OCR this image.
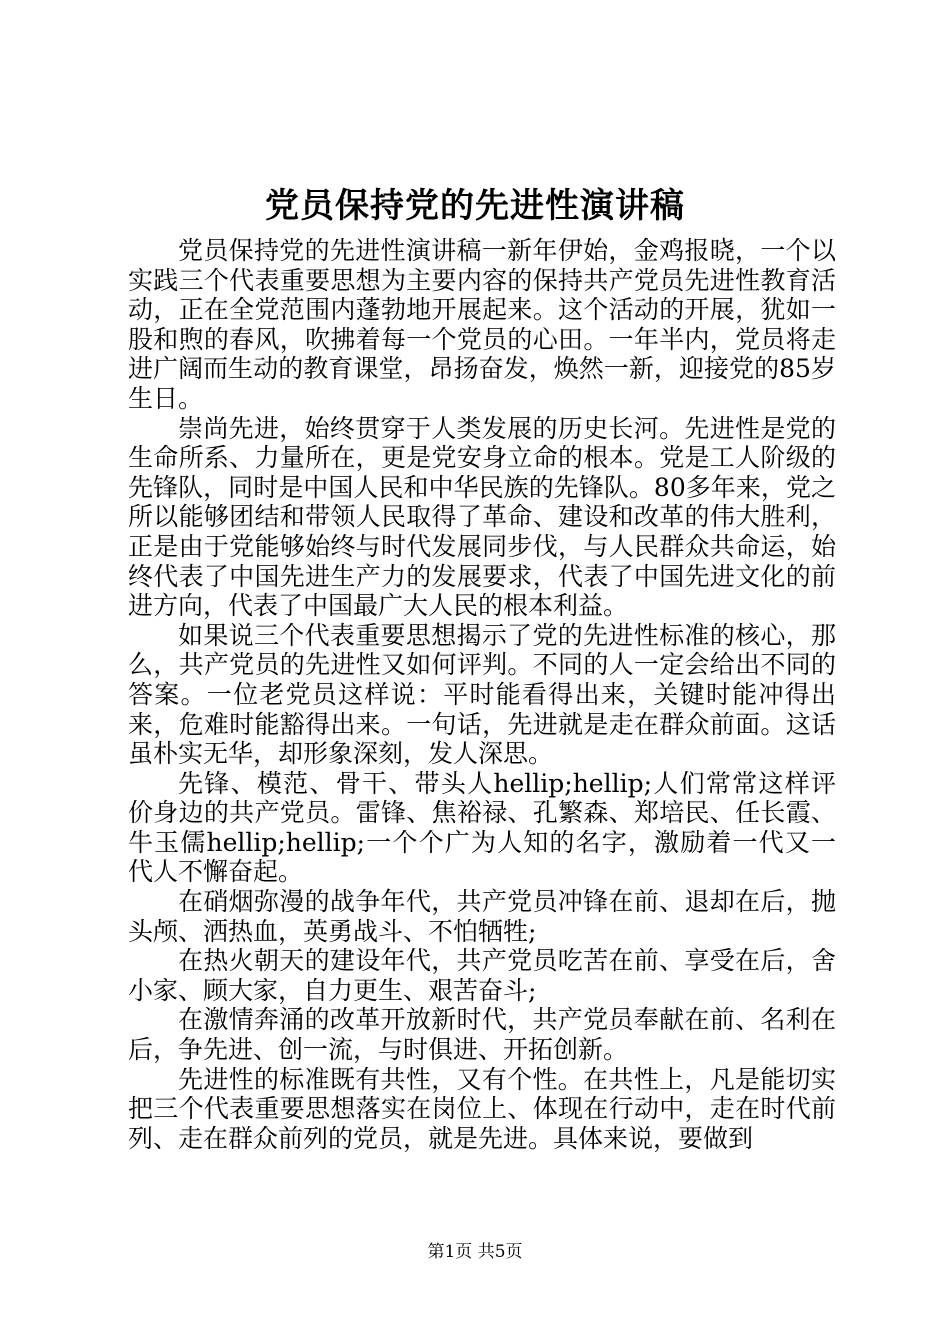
党员保持党的先进性演讲稿

党员保持党的先进性演讲稿一新年伊始，金鸡报晓，一个以实践三个代表重要思想为主要内容的保持共产党员先进性教育活动，正在全党范围内蓬勃地开展起来。这个活动的开展，犹如一股和煦的春风，吹拂着每一个党员的心田。一年半内，党员将走进广阔而生动的教育课堂，昂扬奋发，焕然一新，迎接党的85岁生日。

崇尚先进，始终贯穿于人类发展的历史长河。先进性是党的生命所系、力量所在，更是党安身立命的根本。党是工人阶级的先锋队，同时是中国人民和中华民族的先锋队。80多年来，党之所以能够团结和带领人民取得了革命、建设和改革的伟大胜利，正是由于党能够始终与时代发展同步伐，与人民群众共命运，始终代表了中国先进生产力的发展要求，代表了中国先进文化的前进方向，代表了中国最广大人民的根本利益。

如果说三个代表重要思想揭示了党的先进性标准的核心，那么，共产党员的先进性又如何评判。不同的人一定会给出不同的答案。一位老党员这样说：平时能看得出来，关键时能冲得出来，危难时能豁得出来。一句话，先进就是走在群众前面。这话虽朴实无华，却形象深刻，发人深思。

先锋、模范、骨干、带头人hellip;hellip;人们常常这样评价身边的共产党员。雷锋、焦裕禄、孔繁森、郑培民、任长霞、牛玉儒hellip;hellip;一个个广为人知的名字，激励着一代又一代人不懈奋起。

在硝烟弥漫的战争年代，共产党员冲锋在前、退却在后，抛头颅、洒热血，英勇战斗、不怕牺牲;

在热火朝天的建设年代，共产党员吃苦在前、享受在后，舍小家、顾大家，自力更生、艰苦奋斗;

在激情奔涌的改革开放新时代，共产党员奉献在前、名利在后，争先进、创一流，与时俱进、开拓创新。

先进性的标准既有共性，又有个性。在共性上，凡是能切实把三个代表重要思想落实在岗位上、体现在行动中，走在时代前列、走在群众前列的党员，就是先进。具体来说，要做到

第1页 共5页
